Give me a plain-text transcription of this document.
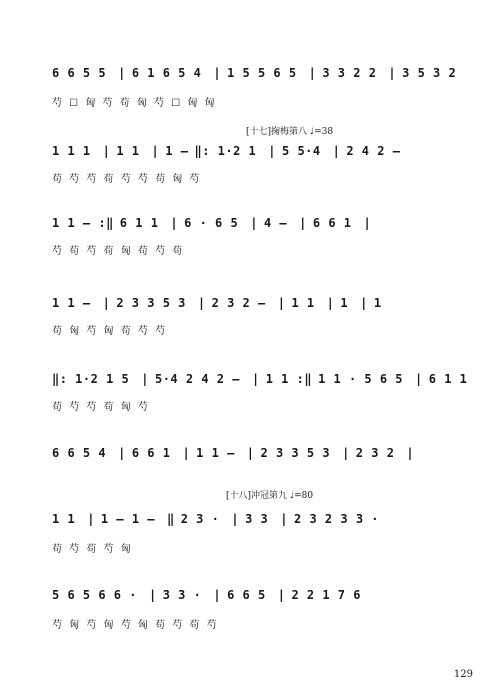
6 6 5 5 | 6 1 6 5 4 | 1 5 5 6 5 | 3 3 2 2 | 3 5 3 2
芍 ☐ 匈 芍 苟 匈 芍 ☐ 匈 匈
[十七]掬梅第八 ♩=38
1 1 1 | 1 1 | 1 — ‖: 1·2 1 | 5 5·4 | 2 4 2 —
苟 芍 芍 苟 芍 芍 苟 匈 芍
1 1 — :‖ 6 1 1 | 6 · 6 5 | 4 — | 6 6 1 |
芍 苟 芍 苟 匈 苟 芍 苟
1 1 — | 2 3 3 5 3 | 2 3 2 — | 1 1 | 1 | 1
苟 匈 芍 匈 苟 芍 芍
‖: 1·2 1 5 | 5·4 2 4 2 — | 1 1 :‖ 1 1 · 5 6 5 | 6 1 1
苟 芍 芍 苟 匈 芍
6 6 5 4 | 6 6 1 | 1 1 — | 2 3 3 5 3 | 2 3 2 |
[十八]冲冠第九 ♩=80
1 1 | 1 — 1 — ‖ 2 3 · | 3 3 | 2 3 2 3 3 ·
苟 芍 苟 芍 匈
5 6 5 6 6 · | 3 3 · | 6 6 5 | 2 2 1 7 6
芍 匈 芍 匈 芍 匈 苟 芍 苟 芍
129
